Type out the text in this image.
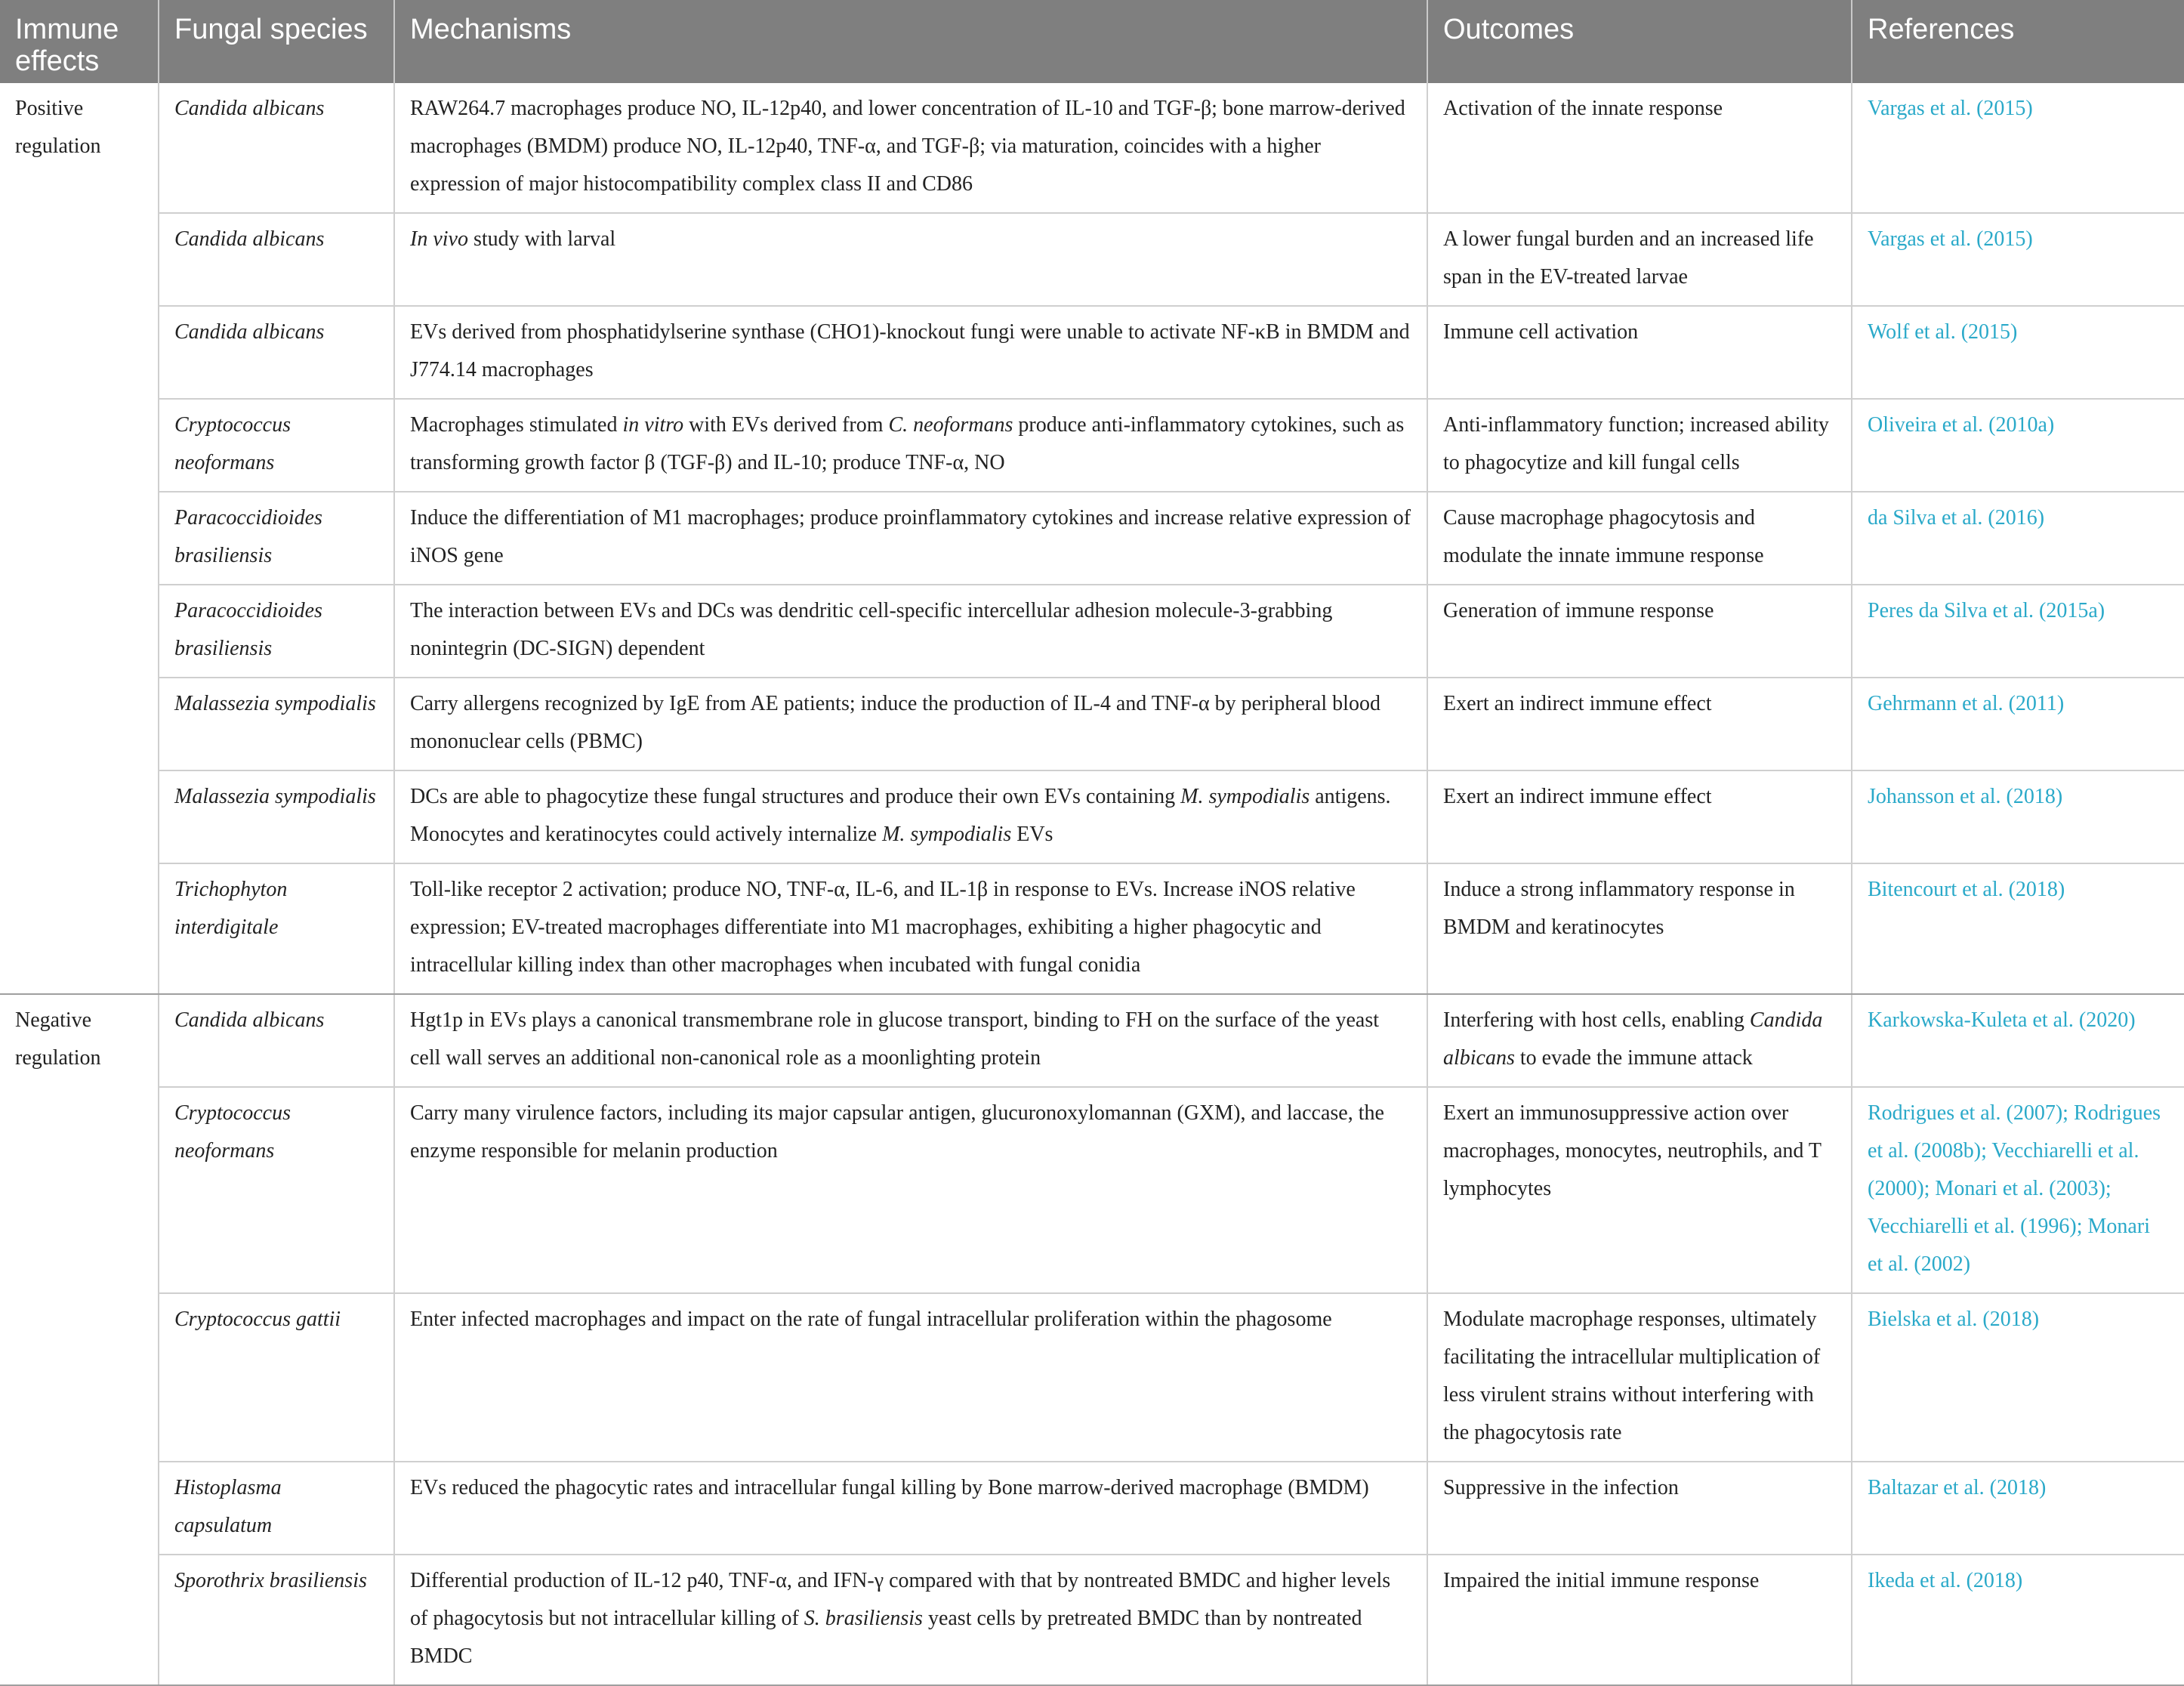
Immune effects	Fungal species	Mechanisms	Outcomes	References
Positive regulation	Candida albicans	RAW264.7 macrophages produce NO, IL-12p40, and lower concentration of IL-10 and TGF-β; bone marrow-derived macrophages (BMDM) produce NO, IL-12p40, TNF-α, and TGF-β; via maturation, coincides with a higher expression of major histocompatibility complex class II and CD86	Activation of the innate response	Vargas et al. (2015)
	Candida albicans	In vivo study with larval	A lower fungal burden and an increased life span in the EV-treated larvae	Vargas et al. (2015)
	Candida albicans	EVs derived from phosphatidylserine synthase (CHO1)-knockout fungi were unable to activate NF-κB in BMDM and J774.14 macrophages	Immune cell activation	Wolf et al. (2015)
	Cryptococcus neoformans	Macrophages stimulated in vitro with EVs derived from C. neoformans produce anti-inflammatory cytokines, such as transforming growth factor β (TGF-β) and IL-10; produce TNF-α, NO	Anti-inflammatory function; increased ability to phagocytize and kill fungal cells	Oliveira et al. (2010a)
	Paracoccidioides brasiliensis	Induce the differentiation of M1 macrophages; produce proinflammatory cytokines and increase relative expression of iNOS gene	Cause macrophage phagocytosis and modulate the innate immune response	da Silva et al. (2016)
	Paracoccidioides brasiliensis	The interaction between EVs and DCs was dendritic cell-specific intercellular adhesion molecule-3-grabbing nonintegrin (DC-SIGN) dependent	Generation of immune response	Peres da Silva et al. (2015a)
	Malassezia sympodialis	Carry allergens recognized by IgE from AE patients; induce the production of IL-4 and TNF-α by peripheral blood mononuclear cells (PBMC)	Exert an indirect immune effect	Gehrmann et al. (2011)
	Malassezia sympodialis	DCs are able to phagocytize these fungal structures and produce their own EVs containing M. sympodialis antigens. Monocytes and keratinocytes could actively internalize M. sympodialis EVs	Exert an indirect immune effect	Johansson et al. (2018)
	Trichophyton interdigitale	Toll-like receptor 2 activation; produce NO, TNF-α, IL-6, and IL-1β in response to EVs. Increase iNOS relative expression; EV-treated macrophages differentiate into M1 macrophages, exhibiting a higher phagocytic and intracellular killing index than other macrophages when incubated with fungal conidia	Induce a strong inflammatory response in BMDM and keratinocytes	Bitencourt et al. (2018)
Negative regulation	Candida albicans	Hgt1p in EVs plays a canonical transmembrane role in glucose transport, binding to FH on the surface of the yeast cell wall serves an additional non-canonical role as a moonlighting protein	Interfering with host cells, enabling Candida albicans to evade the immune attack	Karkowska-Kuleta et al. (2020)
	Cryptococcus neoformans	Carry many virulence factors, including its major capsular antigen, glucuronoxylomannan (GXM), and laccase, the enzyme responsible for melanin production	Exert an immunosuppressive action over macrophages, monocytes, neutrophils, and T lymphocytes	Rodrigues et al. (2007); Rodrigues et al. (2008b); Vecchiarelli et al. (2000); Monari et al. (2003); Vecchiarelli et al. (1996); Monari et al. (2002)
	Cryptococcus gattii	Enter infected macrophages and impact on the rate of fungal intracellular proliferation within the phagosome	Modulate macrophage responses, ultimately facilitating the intracellular multiplication of less virulent strains without interfering with the phagocytosis rate	Bielska et al. (2018)
	Histoplasma capsulatum	EVs reduced the phagocytic rates and intracellular fungal killing by Bone marrow-derived macrophage (BMDM)	Suppressive in the infection	Baltazar et al. (2018)
	Sporothrix brasiliensis	Differential production of IL-12 p40, TNF-α, and IFN-γ compared with that by nontreated BMDC and higher levels of phagocytosis but not intracellular killing of S. brasiliensis yeast cells by pretreated BMDC than by nontreated BMDC	Impaired the initial immune response	Ikeda et al. (2018)
